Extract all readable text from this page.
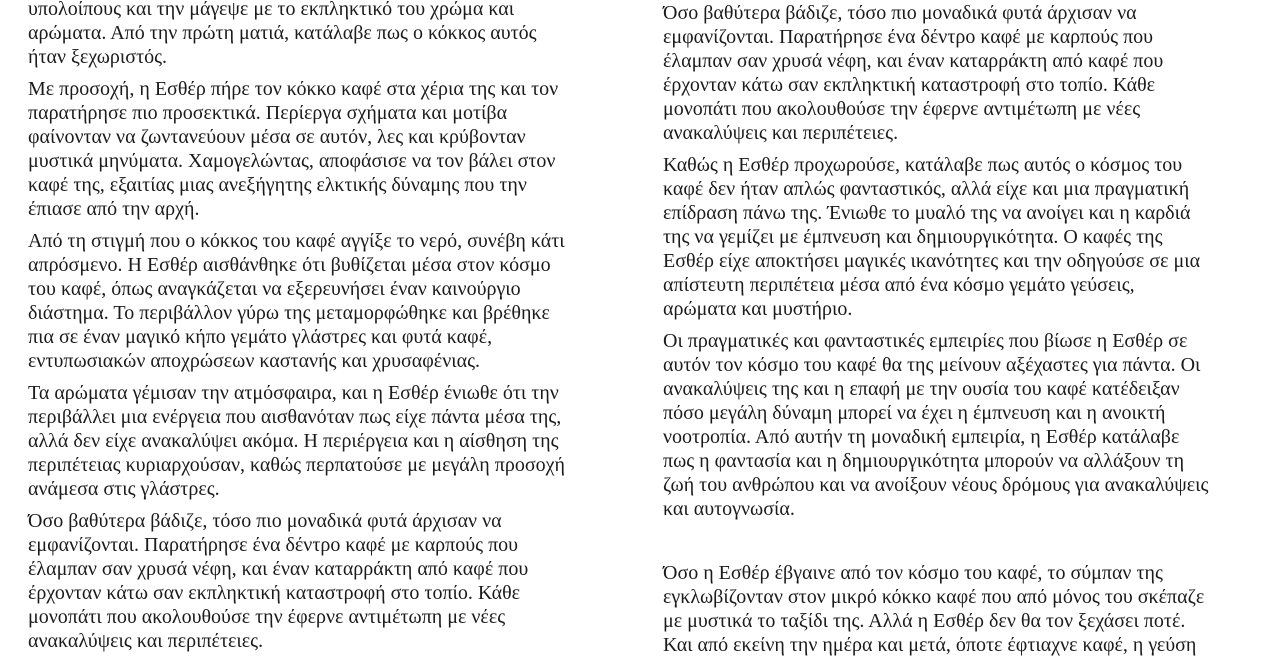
υπολοίπους και την μάγεψε με το εκπληκτικό του χρώμα και
αρώματα. Από την πρώτη ματιά, κατάλαβε πως ο κόκκος αυτός
ήταν ξεχωριστός.
Με προσοχή, η Εσθέρ πήρε τον κόκκο καφέ στα χέρια της και τον
παρατήρησε πιο προσεκτικά. Περίεργα σχήματα και μοτίβα
φαίνονταν να ζωντανεύουν μέσα σε αυτόν, λες και κρύβονταν
μυστικά μηνύματα. Χαμογελώντας, αποφάσισε να τον βάλει στον
καφέ της, εξαιτίας μιας ανεξήγητης ελκτικής δύναμης που την
έπιασε από την αρχή.
Από τη στιγμή που ο κόκκος του καφέ αγγίξε το νερό, συνέβη κάτι
απρόσμενο. Η Εσθέρ αισθάνθηκε ότι βυθίζεται μέσα στον κόσμο
του καφέ, όπως αναγκάζεται να εξερευνήσει έναν καινούργιο
διάστημα. Το περιβάλλον γύρω της μεταμορφώθηκε και βρέθηκε
πια σε έναν μαγικό κήπο γεμάτο γλάστρες και φυτά καφέ,
εντυπωσιακών αποχρώσεων καστανής και χρυσαφένιας.
Τα αρώματα γέμισαν την ατμόσφαιρα, και η Εσθέρ ένιωθε ότι την
περιβάλλει μια ενέργεια που αισθανόταν πως είχε πάντα μέσα της,
αλλά δεν είχε ανακαλύψει ακόμα. Η περιέργεια και η αίσθηση της
περιπέτειας κυριαρχούσαν, καθώς περπατούσε με μεγάλη προσοχή
ανάμεσα στις γλάστρες.
Όσο βαθύτερα βάδιζε, τόσο πιο μοναδικά φυτά άρχισαν να
εμφανίζονται. Παρατήρησε ένα δέντρο καφέ με καρπούς που
έλαμπαν σαν χρυσά νέφη, και έναν καταρράκτη από καφέ που
έρχονταν κάτω σαν εκπληκτική καταστροφή στο τοπίο. Κάθε
μονοπάτι που ακολουθούσε την έφερνε αντιμέτωπη με νέες
ανακαλύψεις και περιπέτειες.
Όσο βαθύτερα βάδιζε, τόσο πιο μοναδικά φυτά άρχισαν να
εμφανίζονται. Παρατήρησε ένα δέντρο καφέ με καρπούς που
έλαμπαν σαν χρυσά νέφη, και έναν καταρράκτη από καφέ που
έρχονταν κάτω σαν εκπληκτική καταστροφή στο τοπίο. Κάθε
μονοπάτι που ακολουθούσε την έφερνε αντιμέτωπη με νέες
ανακαλύψεις και περιπέτειες.
Καθώς η Εσθέρ προχωρούσε, κατάλαβε πως αυτός ο κόσμος του
καφέ δεν ήταν απλώς φανταστικός, αλλά είχε και μια πραγματική
επίδραση πάνω της. Ένιωθε το μυαλό της να ανοίγει και η καρδιά
της να γεμίζει με έμπνευση και δημιουργικότητα. Ο καφές της
Εσθέρ είχε αποκτήσει μαγικές ικανότητες και την οδηγούσε σε μια
απίστευτη περιπέτεια μέσα από ένα κόσμο γεμάτο γεύσεις,
αρώματα και μυστήριο.
Οι πραγματικές και φανταστικές εμπειρίες που βίωσε η Εσθέρ σε
αυτόν τον κόσμο του καφέ θα της μείνουν αξέχαστες για πάντα. Οι
ανακαλύψεις της και η επαφή με την ουσία του καφέ κατέδειξαν
πόσο μεγάλη δύναμη μπορεί να έχει η έμπνευση και η ανοικτή
νοοτροπία. Από αυτήν τη μοναδική εμπειρία, η Εσθέρ κατάλαβε
πως η φαντασία και η δημιουργικότητα μπορούν να αλλάξουν τη
ζωή του ανθρώπου και να ανοίξουν νέους δρόμους για ανακαλύψεις
και αυτογνωσία.
Όσο η Εσθέρ έβγαινε από τον κόσμο του καφέ, το σύμπαν της
εγκλωβίζονταν στον μικρό κόκκο καφέ που από μόνος του σκέπαζε
με μυστικά το ταξίδι της. Αλλά η Εσθέρ δεν θα τον ξεχάσει ποτέ.
Και από εκείνη την ημέρα και μετά, όποτε έφτιαχνε καφέ, η γεύση
